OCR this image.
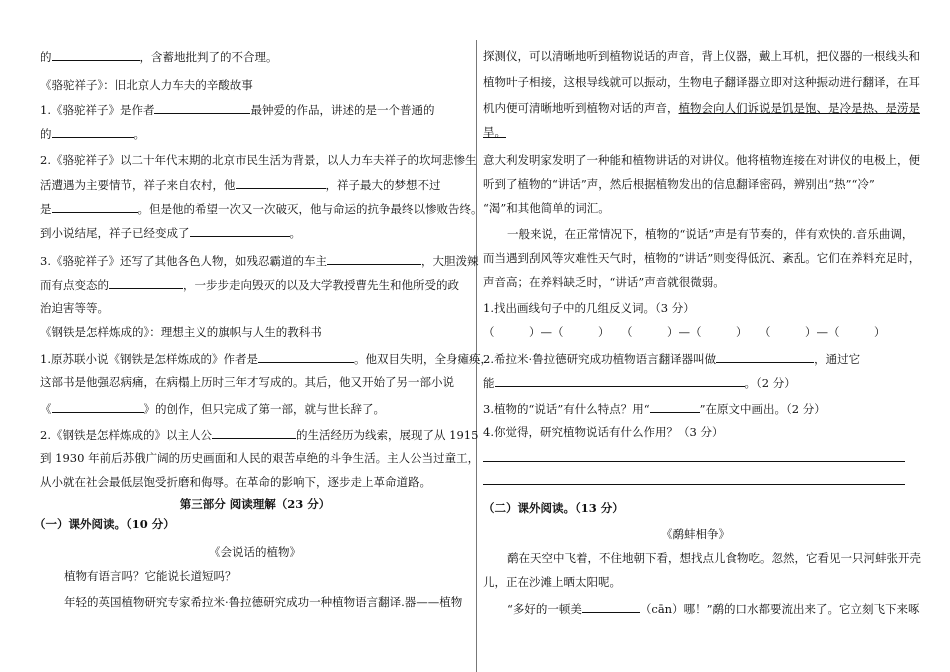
的	，含蓄地批判了的不合理。
《骆驼祥子》：旧北京人力车夫的辛酸故事
1.《骆驼祥子》是作者	最钟爱的作品，讲述的是一个普通的
的	。
2.《骆驼祥子》以二十年代末期的北京市民生活为背景，以人力车夫祥子的坎坷悲惨生
活遭遇为主要情节，祥子来自农村，他	，祥子最大的梦想不过
是	。但是他的希望一次又一次破灭，他与命运的抗争最终以惨败告终。
到小说结尾，祥子已经变成了	。
3.《骆驼祥子》还写了其他各色人物，如残忍霸道的车主	，大胆泼辣
而有点变态的	，一步步走向毁灭的以及大学教授曹先生和他所受的政
治迫害等等。
《钢铁是怎样炼成的》：理想主义的旗帜与人生的教科书
1.原苏联小说《钢铁是怎样炼成的》作者是	。他双目失明，全身瘫痪，
这部书是他强忍病痛，在病榻上历时三年才写成的。其后，他又开始了另一部小说
《	》的创作，但只完成了第一部，就与世长辞了。
2.《钢铁是怎样炼成的》以主人公	的生活经历为线索，展现了从 1915
到 1930 年前后苏俄广阔的历史画面和人民的艰苦卓绝的斗争生活。主人公当过童工，
从小就在社会最低层饱受折磨和侮辱。在革命的影响下，逐步走上革命道路。
第三部分 阅读理解（23 分）
（一）课外阅读。（10 分）
《会说话的植物》
植物有语言吗？它能说长道短吗？
年轻的英国植物研究专家希拉米·鲁拉德研究成功一种植物语言翻译.器——植物
探测仪，可以清晰地听到植物说话的声音，背上仪器，戴上耳机，把仪器的一根线头和
植物叶子相接，这根导线就可以振动，生物电子翻译器立即对这种振动进行翻译，在耳
机内便可清晰地听到植物对话的声音，植物会向人们诉说是饥是饱、是冷是热、是涝是
旱。
意大利发明家发明了一种能和植物讲话的对讲仪。他将植物连接在对讲仪的电极上，便
听到了植物的“讲话”声，然后根据植物发出的信息翻译密码，辨别出“热”“冷”
“渴”和其他简单的词汇。
一般来说，在正常情况下，植物的“说话”声是有节奏的，伴有欢快的.音乐曲调，
而当遇到刮风等灾难性天气时，植物的“讲话”则变得低沉、紊乱。它们在养料充足时，
声音高；在养料缺乏时，“讲话”声音就很微弱。
1.找出画线句子中的几组反义词。（3 分）
（　　　）—（　　　）　　（　　　）—（　　　）　　（　　　）—（　　　）
2.希拉米·鲁拉德研究成功植物语言翻译器叫做	，通过它
能	。（2 分）
3.植物的“说话”有什么特点？用“	”在原文中画出。（2 分）
4.你觉得，研究植物说话有什么作用？（3 分）
（二）课外阅读。（13 分）
《鹬蚌相争》
鹬在天空中飞着，不住地朝下看，想找点儿食物吃。忽然，它看见一只河蚌张开壳
儿，正在沙滩上晒太阳呢。
“多好的一顿美	（cān）哪！”鹬的口水都要流出来了。它立刻飞下来啄
